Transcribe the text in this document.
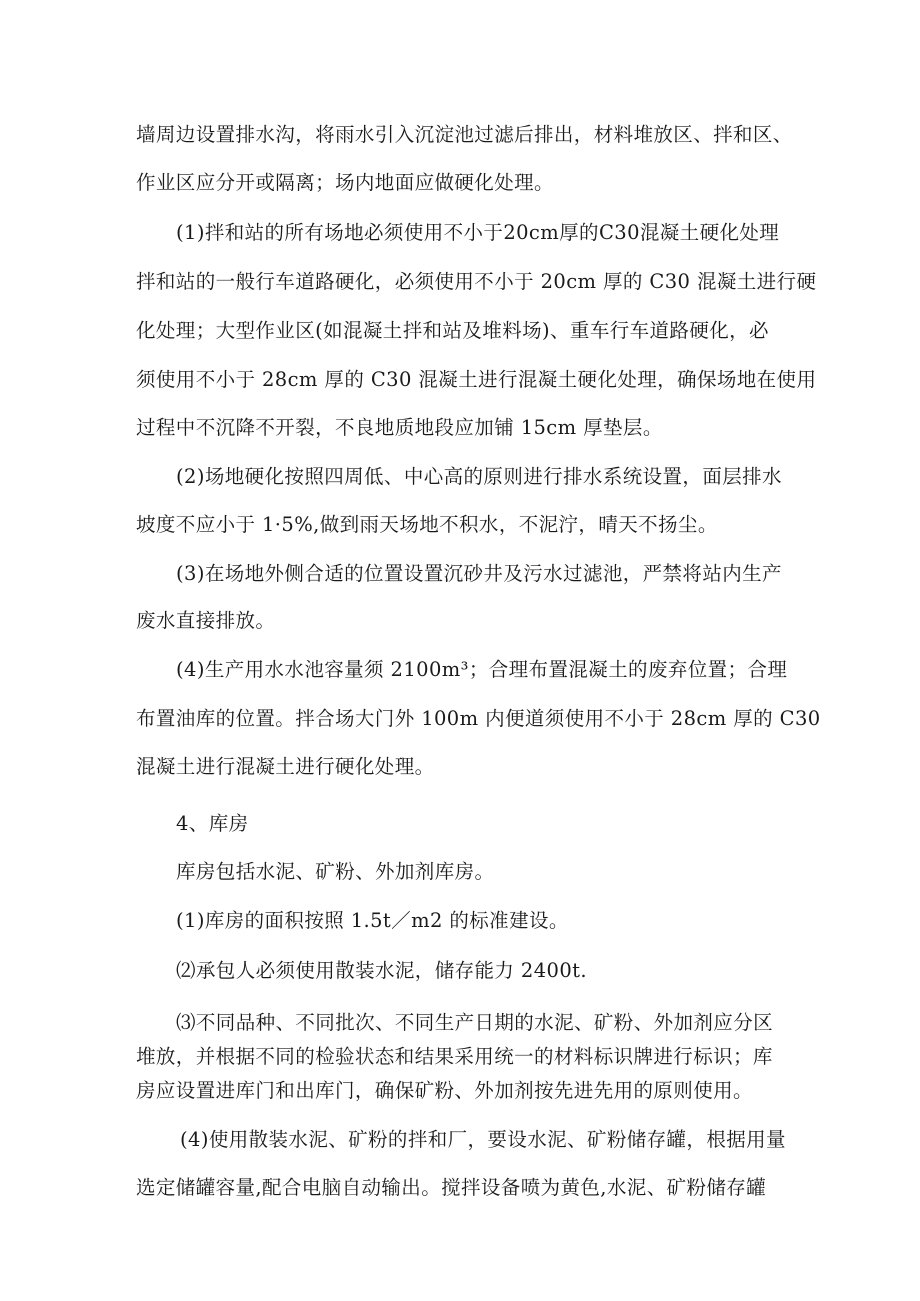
墙周边设置排水沟，将雨水引入沉淀池过滤后排出，材料堆放区、拌和区、
作业区应分开或隔离；场内地面应做硬化处理。
(1)拌和站的所有场地必须使用不小于20cm厚的C30混凝土硬化处理
拌和站的一般行车道路硬化，必须使用不小于 20cm 厚的 C30 混凝土进行硬
化处理；大型作业区(如混凝土拌和站及堆料场)、重车行车道路硬化，必
须使用不小于 28cm 厚的 C30 混凝土进行混凝土硬化处理，确保场地在使用
过程中不沉降不开裂，不良地质地段应加铺 15cm 厚垫层。
(2)场地硬化按照四周低、中心高的原则进行排水系统设置，面层排水
坡度不应小于 1·5%,做到雨天场地不积水，不泥泞，晴天不扬尘。
(3)在场地外侧合适的位置设置沉砂井及污水过滤池，严禁将站内生产
废水直接排放。
(4)生产用水水池容量须 2100m³；合理布置混凝土的废弃位置；合理
布置油库的位置。拌合场大门外 100m 内便道须使用不小于 28cm 厚的 C30
混凝土进行混凝土进行硬化处理。
4、库房
库房包括水泥、矿粉、外加剂库房。
(1)库房的面积按照 1.5t／m2 的标准建设。
⑵承包人必须使用散装水泥，储存能力 2400t.
⑶不同品种、不同批次、不同生产日期的水泥、矿粉、外加剂应分区
堆放，并根据不同的检验状态和结果采用统一的材料标识牌进行标识；库
房应设置进库门和出库门，确保矿粉、外加剂按先进先用的原则使用。
(4)使用散装水泥、矿粉的拌和厂，要设水泥、矿粉储存罐，根据用量
选定储罐容量,配合电脑自动输出。搅拌设备喷为黄色,水泥、矿粉储存罐
